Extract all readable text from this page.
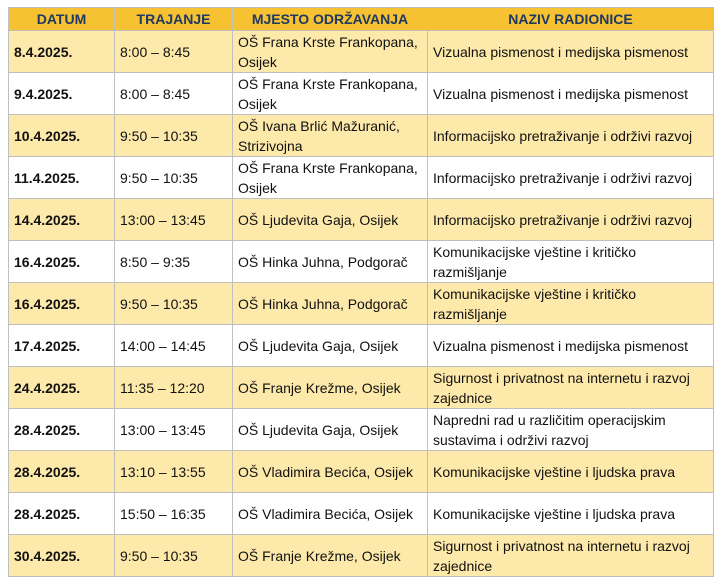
DATUM	TRAJANJE	MJESTO ODRŽAVANJA	NAZIV RADIONICE
8.4.2025.	8:00 – 8:45	OŠ Frana Krste Frankopana, Osijek	Vizualna pismenost i medijska pismenost
9.4.2025.	8:00 – 8:45	OŠ Frana Krste Frankopana, Osijek	Vizualna pismenost i medijska pismenost
10.4.2025.	9:50 – 10:35	OŠ Ivana Brlić Mažuranić, Strizivojna	Informacijsko pretraživanje i održivi razvoj
11.4.2025.	9:50 – 10:35	OŠ Frana Krste Frankopana, Osijek	Informacijsko pretraživanje i održivi razvoj
14.4.2025.	13:00 – 13:45	OŠ Ljudevita Gaja, Osijek	Informacijsko pretraživanje i održivi razvoj
16.4.2025.	8:50 – 9:35	OŠ Hinka Juhna, Podgorač	Komunikacijske vještine i kritičko razmišljanje
16.4.2025.	9:50 – 10:35	OŠ Hinka Juhna, Podgorač	Komunikacijske vještine i kritičko razmišljanje
17.4.2025.	14:00 – 14:45	OŠ Ljudevita Gaja, Osijek	Vizualna pismenost i medijska pismenost
24.4.2025.	11:35 – 12:20	OŠ Franje Krežme, Osijek	Sigurnost i privatnost na internetu i razvoj zajednice
28.4.2025.	13:00 – 13:45	OŠ Ljudevita Gaja, Osijek	Napredni rad u različitim operacijskim sustavima i održivi razvoj
28.4.2025.	13:10 – 13:55	OŠ Vladimira Becića, Osijek	Komunikacijske vještine i ljudska prava
28.4.2025.	15:50 – 16:35	OŠ Vladimira Becića, Osijek	Komunikacijske vještine i ljudska prava
30.4.2025.	9:50 – 10:35	OŠ Franje Krežme, Osijek	Sigurnost i privatnost na internetu i razvoj zajednice
